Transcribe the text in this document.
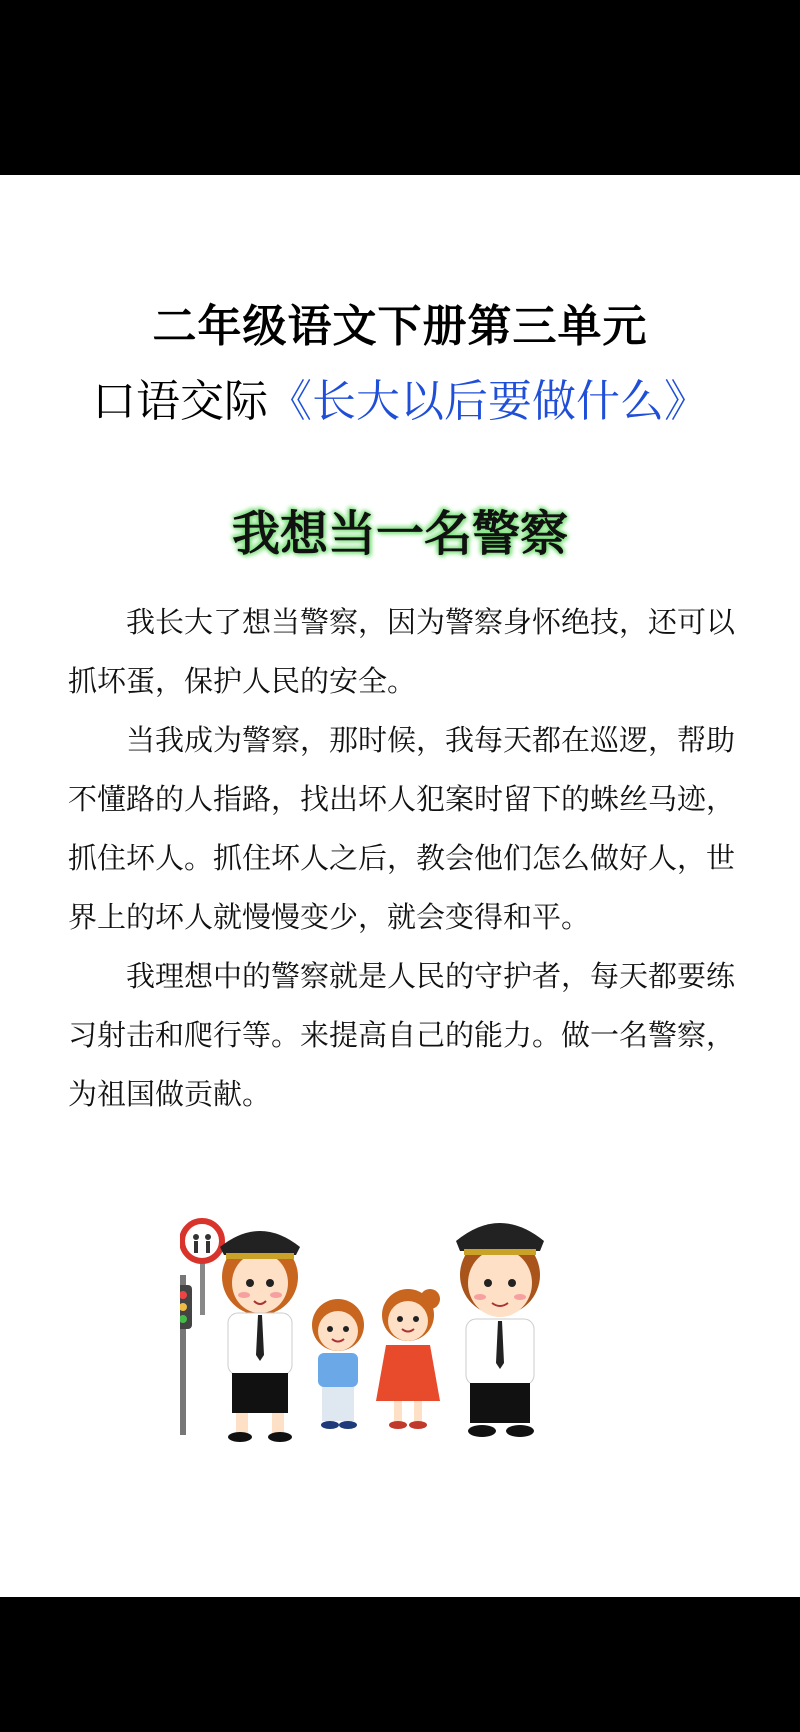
二年级语文下册第三单元
口语交际《长大以后要做什么》
我想当一名警察

我长大了想当警察，因为警察身怀绝技，还可以抓坏蛋，保护人民的安全。

当我成为警察，那时候，我每天都在巡逻，帮助不懂路的人指路，找出坏人犯案时留下的蛛丝马迹，抓住坏人。抓住坏人之后，教会他们怎么做好人，世界上的坏人就慢慢变少，就会变得和平。

我理想中的警察就是人民的守护者，每天都要练习射击和爬行等。来提高自己的能力。做一名警察，为祖国做贡献。
